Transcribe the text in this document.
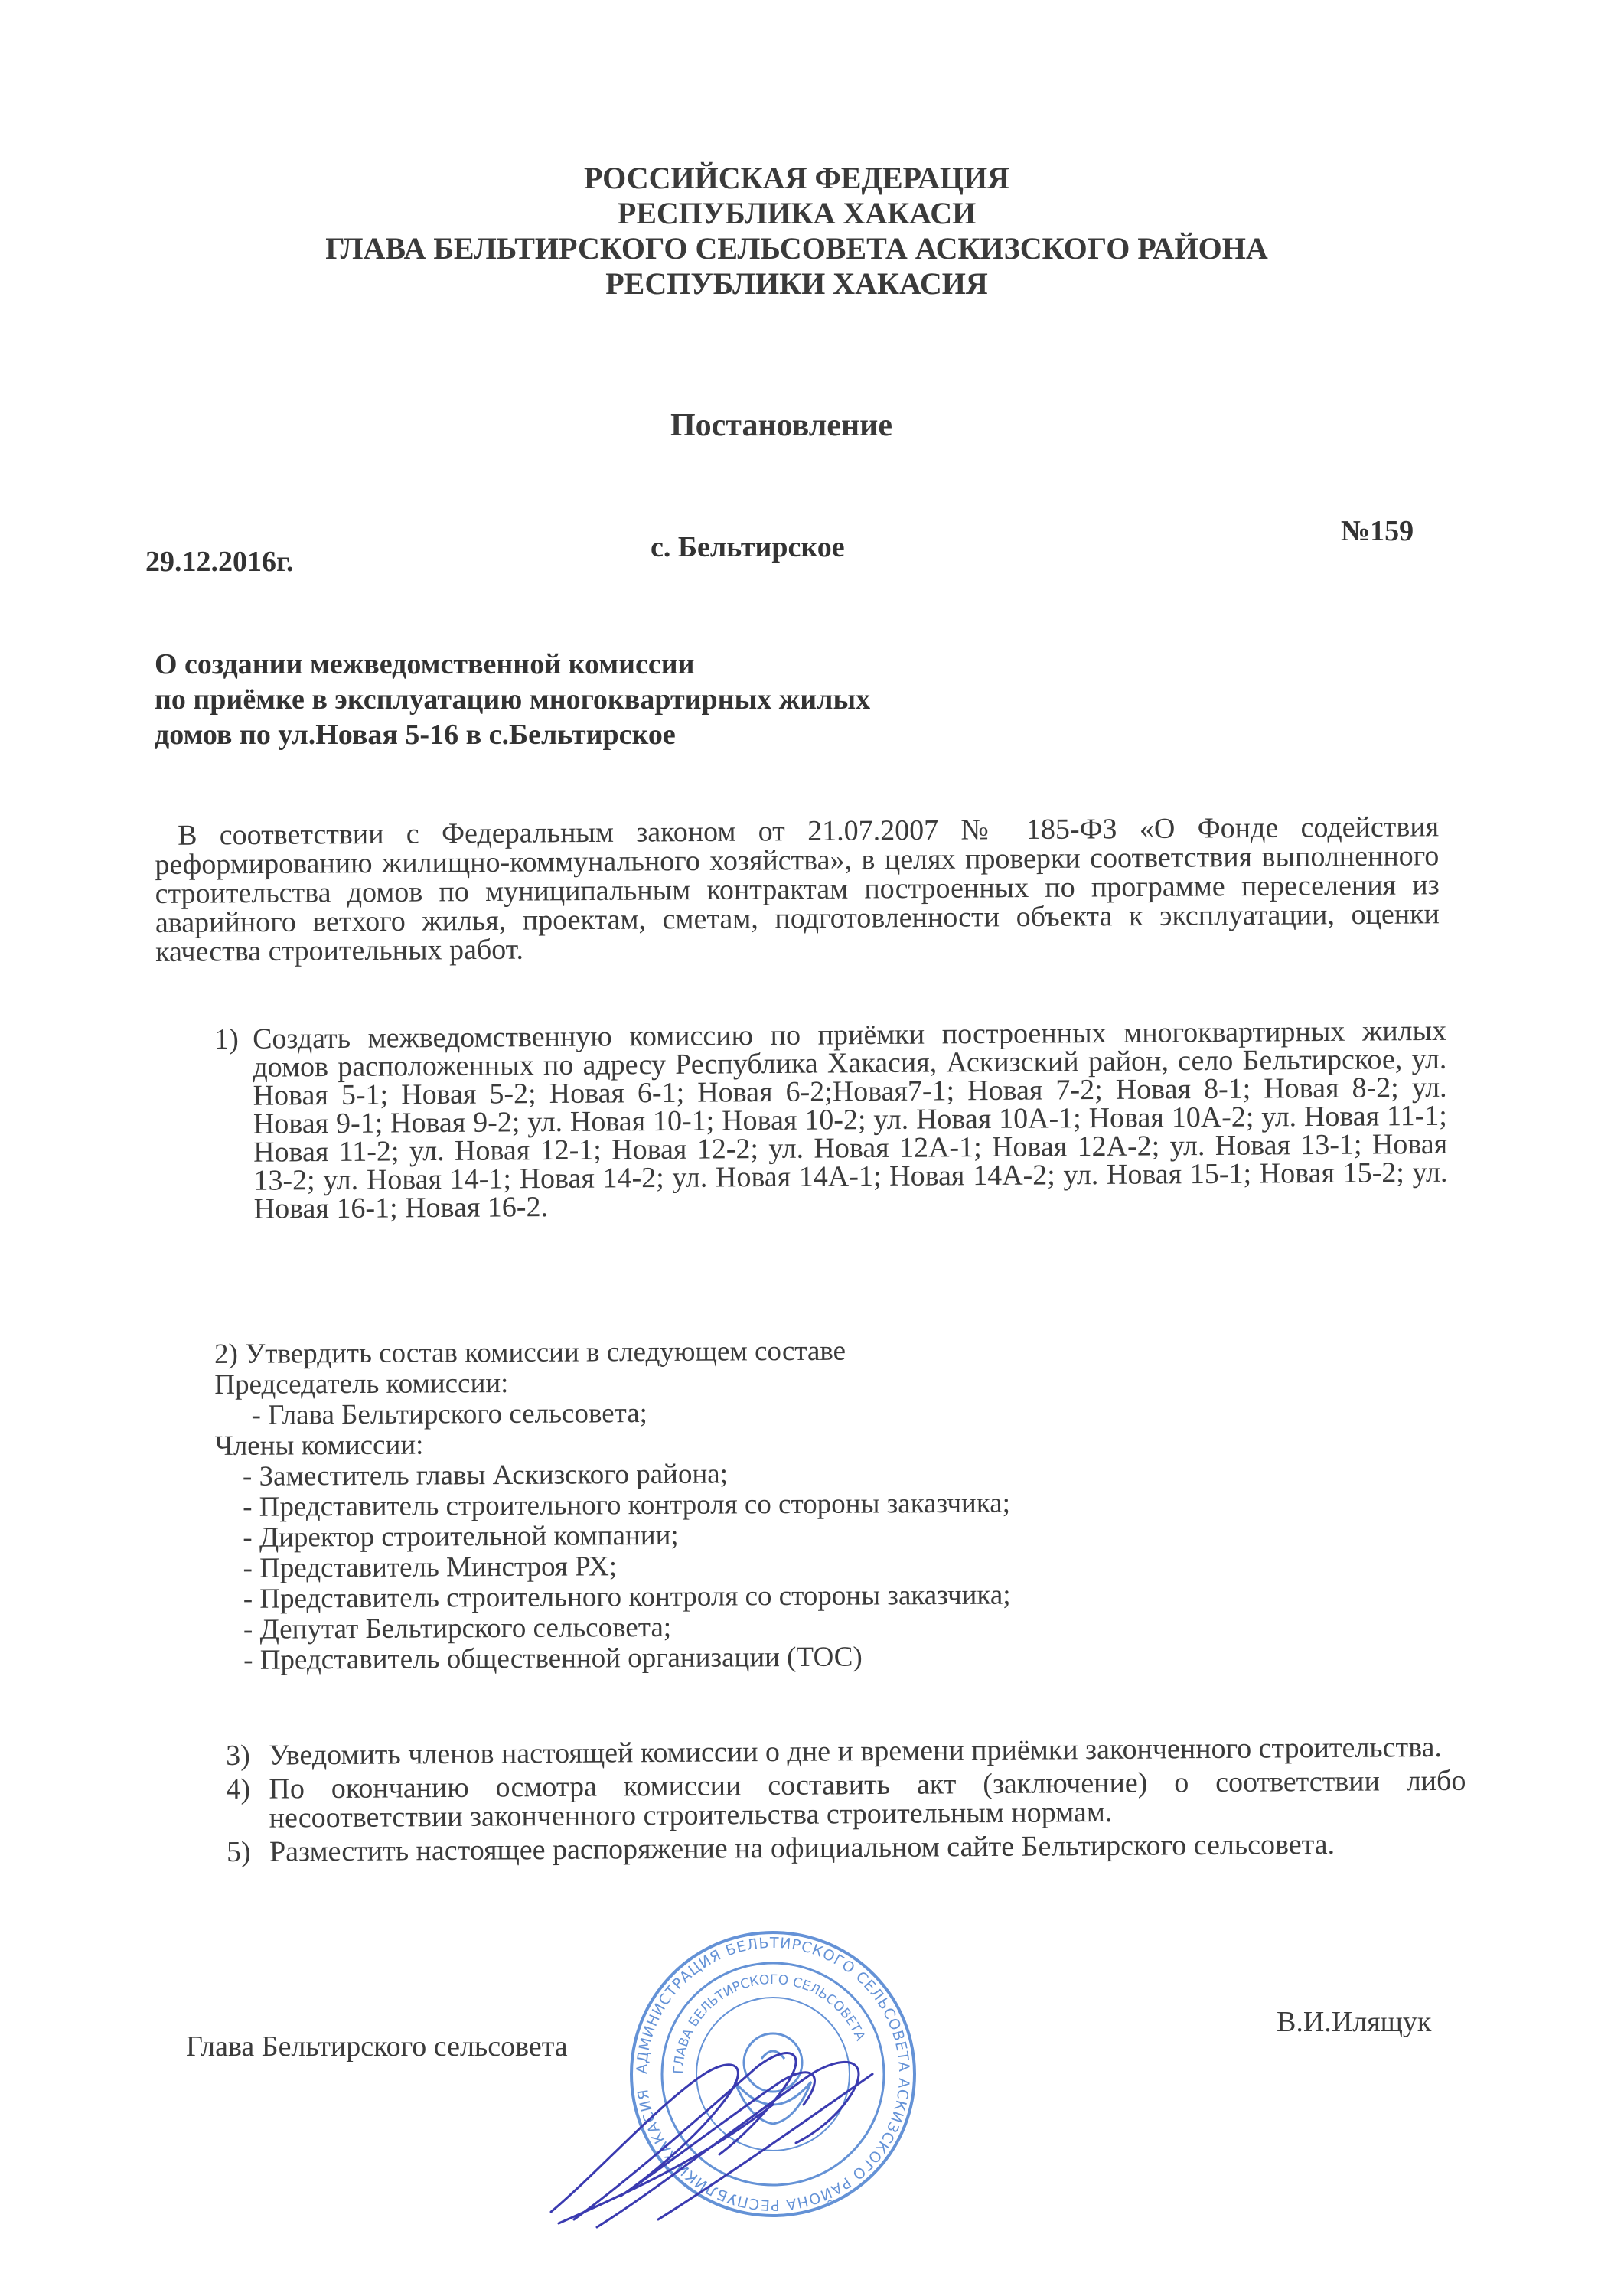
РОССИЙСКАЯ ФЕДЕРАЦИЯ
РЕСПУБЛИКА ХАКАСИ
ГЛАВА БЕЛЬТИРСКОГО СЕЛЬСОВЕТА АСКИЗСКОГО РАЙОНА
РЕСПУБЛИКИ ХАКАСИЯ
Постановление
29.12.2016г.	с. Бельтирское	№159
О создании межведомственной комиссии
по приёмке в эксплуатацию многоквартирных жилых
домов по ул.Новая 5-16 в с.Бельтирское
В соответствии с Федеральным законом от 21.07.2007 № 185-ФЗ «О Фонде содействия реформированию жилищно-коммунального хозяйства», в целях проверки соответствия выполненного строительства домов по муниципальным контрактам построенных по программе переселения из аварийного ветхого жилья, проектам, сметам, подготовленности объекта к эксплуатации, оценки качества строительных работ.
1) Создать межведомственную комиссию по приёмки построенных многоквартирных жилых домов расположенных по адресу Республика Хакасия, Аскизский район, село Бельтирское, ул. Новая 5-1; Новая 5-2; Новая 6-1; Новая 6-2;Новая7-1; Новая 7-2; Новая 8-1; Новая 8-2; ул. Новая 9-1; Новая 9-2; ул. Новая 10-1; Новая 10-2; ул. Новая 10А-1; Новая 10А-2; ул. Новая 11-1; Новая 11-2; ул. Новая 12-1; Новая 12-2; ул. Новая 12А-1; Новая 12А-2; ул. Новая 13-1; Новая 13-2; ул. Новая 14-1; Новая 14-2; ул. Новая 14А-1; Новая 14А-2; ул. Новая 15-1; Новая 15-2; ул. Новая 16-1; Новая 16-2.
2) Утвердить состав комиссии в следующем составе
Председатель комиссии:
- Глава Бельтирского сельсовета;
Члены комиссии:
- Заместитель главы Аскизского района;
- Представитель строительного контроля со стороны заказчика;
- Директор строительной компании;
- Представитель Минстроя РХ;
- Представитель строительного контроля со стороны заказчика;
- Депутат Бельтирского сельсовета;
- Представитель общественной организации (ТОС)
3) Уведомить членов настоящей комиссии о дне и времени приёмки законченного строительства.
4) По окончанию осмотра комиссии составить акт (заключение) о соответствии либо несоответствии законченного строительства строительным нормам.
5) Разместить настоящее распоряжение на официальном сайте Бельтирского сельсовета.
Глава Бельтирского сельсовета
В.И.Илящук
АДМИНИСТРАЦИЯ БЕЛЬТИРСКОГО СЕЛЬСОВЕТА АСКИЗСКОГО РАЙОНА РЕСПУБЛИКИ ХАКАСИЯ
ГЛАВА БЕЛЬТИРСКОГО СЕЛЬСОВЕТА
